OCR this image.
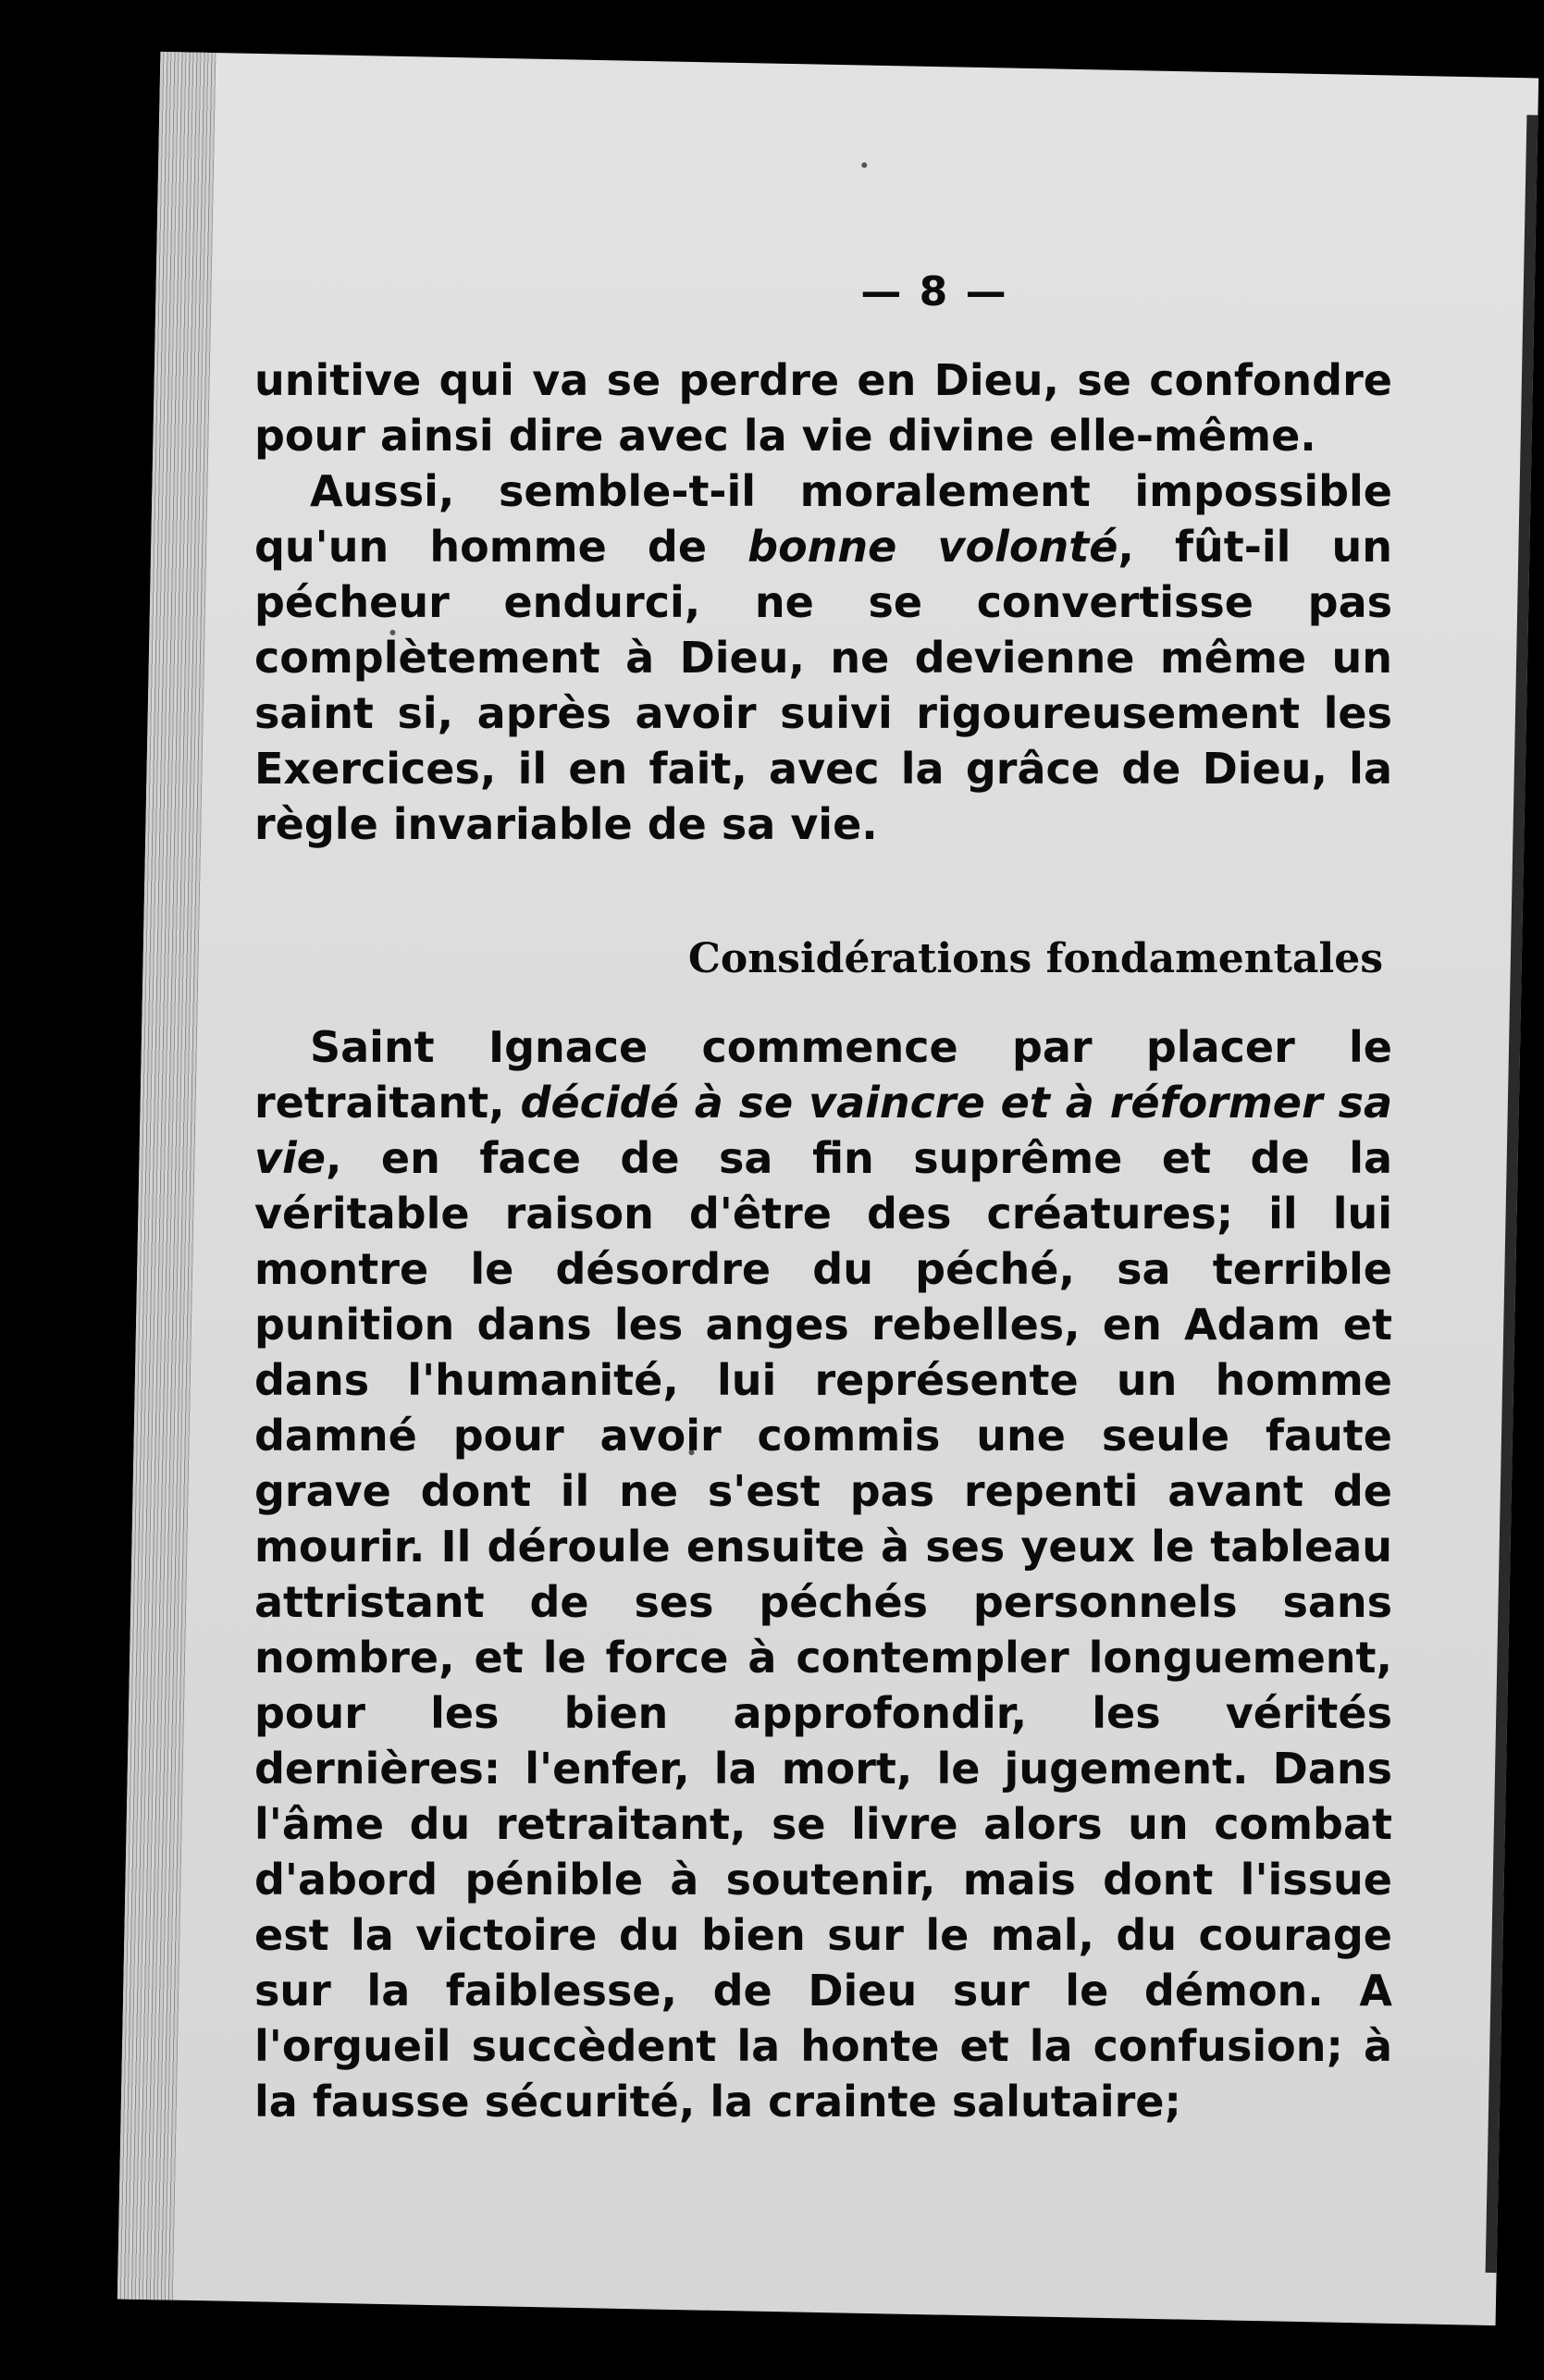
— 8 —

unitive qui va se perdre en Dieu, se confondre pour ainsi dire avec la vie divine elle-même.

Aussi, semble-t-il moralement impossible qu'un homme de bonne volonté, fût-il un pécheur endurci, ne se convertisse pas complètement à Dieu, ne devienne même un saint si, après avoir suivi rigoureusement les Exercices, il en fait, avec la grâce de Dieu, la règle invariable de sa vie.

Considérations fondamentales

Saint Ignace commence par placer le retraitant, décidé à se vaincre et à réformer sa vie, en face de sa fin suprême et de la véritable raison d'être des créatures; il lui montre le désordre du péché, sa terrible punition dans les anges rebelles, en Adam et dans l'humanité, lui représente un homme damné pour avoir commis une seule faute grave dont il ne s'est pas repenti avant de mourir. Il déroule ensuite à ses yeux le tableau attristant de ses péchés personnels sans nombre, et le force à contempler longuement, pour les bien approfondir, les vérités dernières: l'enfer, la mort, le jugement. Dans l'âme du retraitant, se livre alors un combat d'abord pénible à soutenir, mais dont l'issue est la victoire du bien sur le mal, du courage sur la faiblesse, de Dieu sur le démon. A l'orgueil succèdent la honte et la confusion; à la fausse sécurité, la crainte salutaire;
